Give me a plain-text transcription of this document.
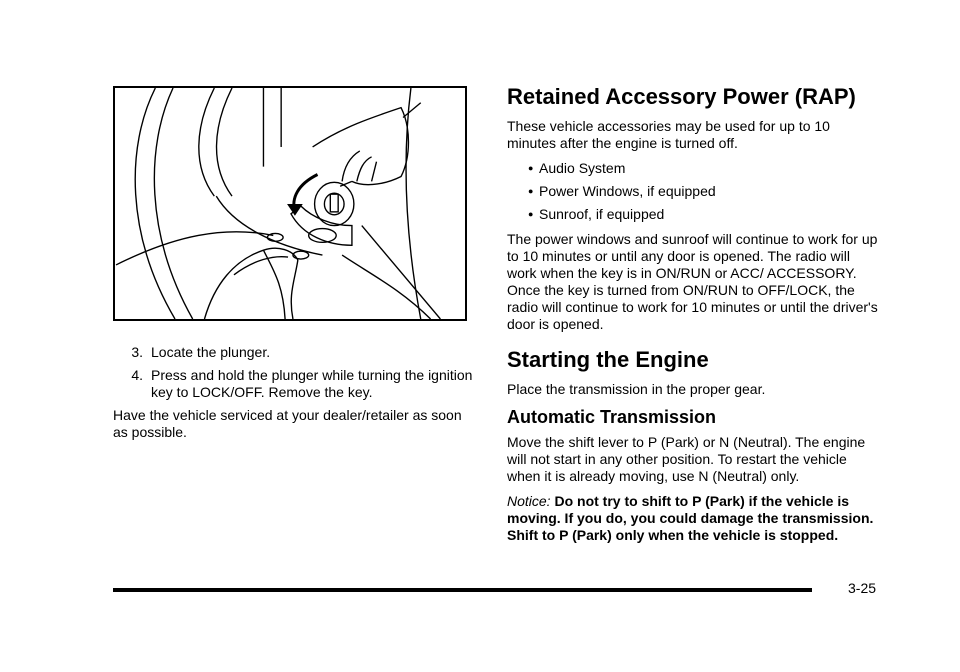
3. Locate the plunger.
4. Press and hold the plunger while turning the ignition key to LOCK/OFF. Remove the key.

Have the vehicle serviced at your dealer/retailer as soon as possible.

Retained Accessory Power (RAP)

These vehicle accessories may be used for up to 10 minutes after the engine is turned off.

● Audio System
● Power Windows, if equipped
● Sunroof, if equipped

The power windows and sunroof will continue to work for up to 10 minutes or until any door is opened. The radio will work when the key is in ON/RUN or ACC/ ACCESSORY. Once the key is turned from ON/RUN to OFF/LOCK, the radio will continue to work for 10 minutes or until the driver's door is opened.

Starting the Engine

Place the transmission in the proper gear.

Automatic Transmission

Move the shift lever to P (Park) or N (Neutral). The engine will not start in any other position. To restart the vehicle when it is already moving, use N (Neutral) only.

Notice: Do not try to shift to P (Park) if the vehicle is moving. If you do, you could damage the transmission. Shift to P (Park) only when the vehicle is stopped.

3-25
